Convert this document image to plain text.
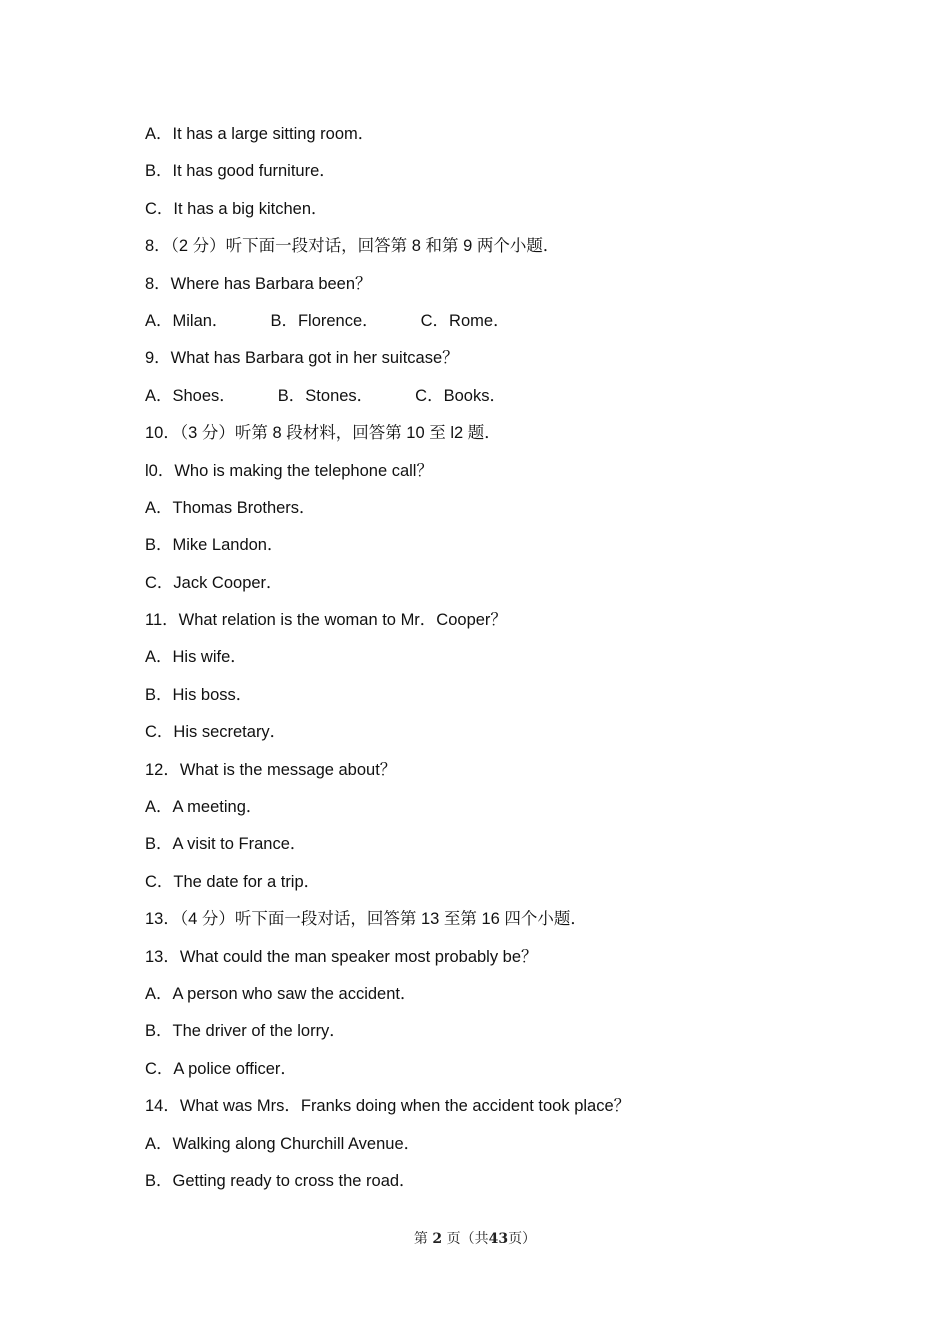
A．It has a large sitting room．
B．It has good furniture．
C．It has a big kitchen．
8．（2 分）听下面一段对话，回答第 8 和第 9 两个小题．
8．Where has Barbara been？
A．Milan．	B．Florence．	C．Rome．
9．What has Barbara got in her suitcase？
A．Shoes．	B．Stones．	C．Books．
10．（3 分）听第 8 段材料，回答第 10 至 l2 题．
l0．Who is making the telephone call？
A．Thomas Brothers．
B．Mike Landon．
C．Jack Cooper．
11．What relation is the woman to Mr．Cooper？
A．His wife．
B．His boss．
C．His secretary．
12．What is the message about？
A．A meeting．
B．A visit to France．
C．The date for a trip．
13．（4 分）听下面一段对话，回答第 13 至第 16 四个小题．
13．What could the man speaker most probably be？
A．A person who saw the accident．
B．The driver of the lorry．
C．A police officer．
14．What was Mrs．Franks doing when the accident took place？
A．Walking along Churchill Avenue．
B．Getting ready to cross the road．
第 2 页（共43页）
